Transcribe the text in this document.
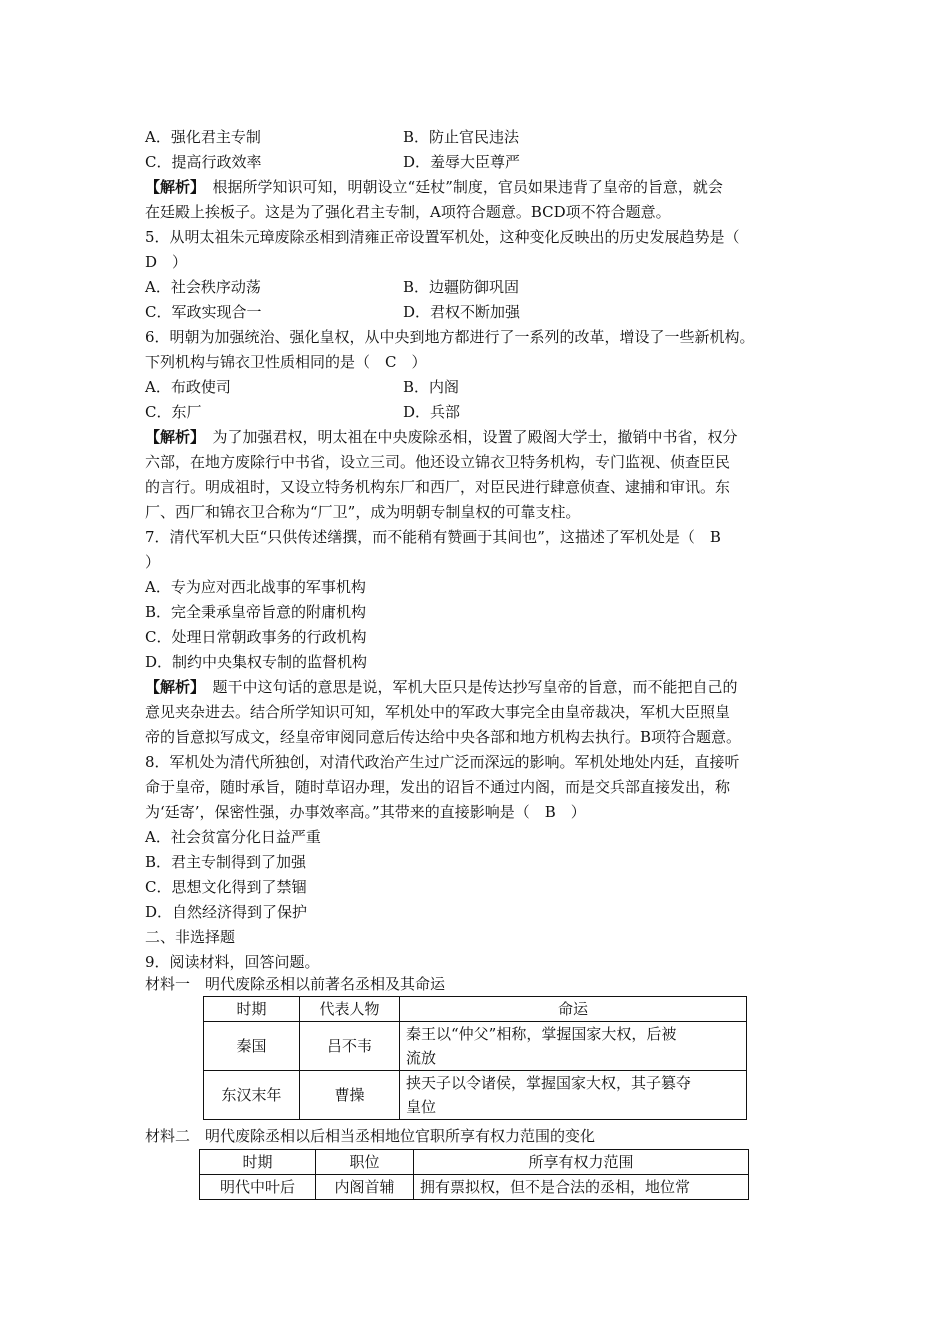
A．强化君主专制	B．防止官民违法
C．提高行政效率	D．羞辱大臣尊严
【解析】　 根据所学知识可知，明朝设立“廷杖”制度，官员如果违背了皇帝的旨意，就会
在廷殿上挨板子。这是为了强化君主专制，A项符合题意。BCD项不符合题意。
5．从明太祖朱元璋废除丞相到清雍正帝设置军机处，这种变化反映出的历史发展趋势是（
D　）
A．社会秩序动荡	B．边疆防御巩固
C．军政实现合一	D．君权不断加强
6．明朝为加强统治、强化皇权，从中央到地方都进行了一系列的改革，增设了一些新机构。
下列机构与锦衣卫性质相同的是（　C　）
A．布政使司	B．内阁
C．东厂	D．兵部
【解析】　 为了加强君权，明太祖在中央废除丞相，设置了殿阁大学士，撤销中书省，权分
六部，在地方废除行中书省，设立三司。他还设立锦衣卫特务机构，专门监视、侦查臣民
的言行。明成祖时，又设立特务机构东厂和西厂，对臣民进行肆意侦查、逮捕和审讯。东
厂、西厂和锦衣卫合称为“厂卫”，成为明朝专制皇权的可靠支柱。
7．清代军机大臣“只供传述缮撰，而不能稍有赞画于其间也”，这描述了军机处是（　B
）
A．专为应对西北战事的军事机构
B．完全秉承皇帝旨意的附庸机构
C．处理日常朝政事务的行政机构
D．制约中央集权专制的监督机构
【解析】　 题干中这句话的意思是说，军机大臣只是传达抄写皇帝的旨意，而不能把自己的
意见夹杂进去。结合所学知识可知，军机处中的军政大事完全由皇帝裁决，军机大臣照皇
帝的旨意拟写成文，经皇帝审阅同意后传达给中央各部和地方机构去执行。B项符合题意。
8．军机处为清代所独创，对清代政治产生过广泛而深远的影响。军机处地处内廷，直接听
命于皇帝，随时承旨，随时草诏办理，发出的诏旨不通过内阁，而是交兵部直接发出，称
为‘廷寄’，保密性强，办事效率高。”其带来的直接影响是（　B　）
A．社会贫富分化日益严重
B．君主专制得到了加强
C．思想文化得到了禁锢
D．自然经济得到了保护
二、非选择题
9．阅读材料，回答问题。
材料一　明代废除丞相以前著名丞相及其命运
时期	代表人物	命运
秦国	吕不韦	秦王以“仲父”相称，掌握国家大权，后被
流放

东汉末年	曹操	挟天子以令诸侯，掌握国家大权，其子篡夺
皇位
材料二　明代废除丞相以后相当丞相地位官职所享有权力范围的变化
时期	职位	所享有权力范围
明代中叶后	内阁首辅	拥有票拟权，但不是合法的丞相，地位常
